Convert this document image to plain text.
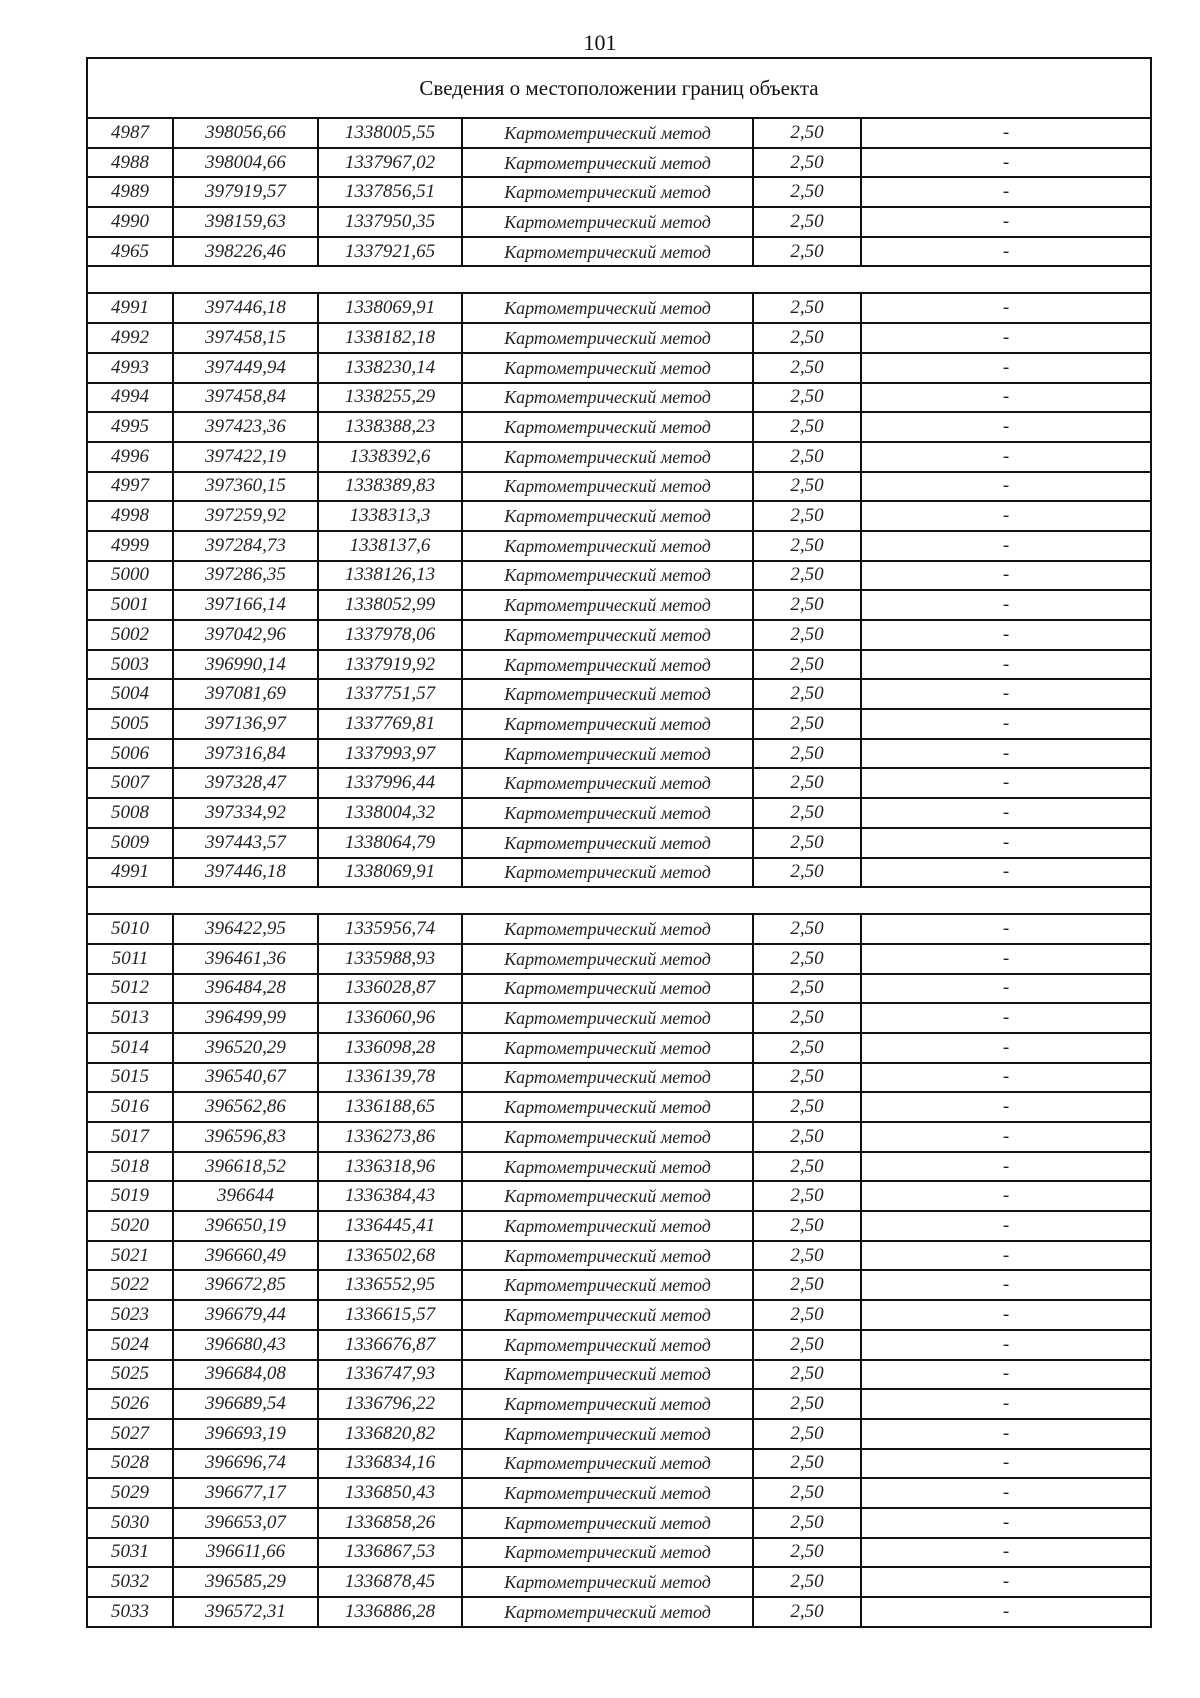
101
Сведения о местоположении границ объекта					
4987	398056,66	1338005,55	Картометрический метод	2,50	-
4988	398004,66	1337967,02	Картометрический метод	2,50	-
4989	397919,57	1337856,51	Картометрический метод	2,50	-
4990	398159,63	1337950,35	Картометрический метод	2,50	-
4965	398226,46	1337921,65	Картометрический метод	2,50	-

4991	397446,18	1338069,91	Картометрический метод	2,50	-
4992	397458,15	1338182,18	Картометрический метод	2,50	-
4993	397449,94	1338230,14	Картометрический метод	2,50	-
4994	397458,84	1338255,29	Картометрический метод	2,50	-
4995	397423,36	1338388,23	Картометрический метод	2,50	-
4996	397422,19	1338392,6	Картометрический метод	2,50	-
4997	397360,15	1338389,83	Картометрический метод	2,50	-
4998	397259,92	1338313,3	Картометрический метод	2,50	-
4999	397284,73	1338137,6	Картометрический метод	2,50	-
5000	397286,35	1338126,13	Картометрический метод	2,50	-
5001	397166,14	1338052,99	Картометрический метод	2,50	-
5002	397042,96	1337978,06	Картометрический метод	2,50	-
5003	396990,14	1337919,92	Картометрический метод	2,50	-
5004	397081,69	1337751,57	Картометрический метод	2,50	-
5005	397136,97	1337769,81	Картометрический метод	2,50	-
5006	397316,84	1337993,97	Картометрический метод	2,50	-
5007	397328,47	1337996,44	Картометрический метод	2,50	-
5008	397334,92	1338004,32	Картометрический метод	2,50	-
5009	397443,57	1338064,79	Картометрический метод	2,50	-
4991	397446,18	1338069,91	Картометрический метод	2,50	-

5010	396422,95	1335956,74	Картометрический метод	2,50	-
5011	396461,36	1335988,93	Картометрический метод	2,50	-
5012	396484,28	1336028,87	Картометрический метод	2,50	-
5013	396499,99	1336060,96	Картометрический метод	2,50	-
5014	396520,29	1336098,28	Картометрический метод	2,50	-
5015	396540,67	1336139,78	Картометрический метод	2,50	-
5016	396562,86	1336188,65	Картометрический метод	2,50	-
5017	396596,83	1336273,86	Картометрический метод	2,50	-
5018	396618,52	1336318,96	Картометрический метод	2,50	-
5019	396644	1336384,43	Картометрический метод	2,50	-
5020	396650,19	1336445,41	Картометрический метод	2,50	-
5021	396660,49	1336502,68	Картометрический метод	2,50	-
5022	396672,85	1336552,95	Картометрический метод	2,50	-
5023	396679,44	1336615,57	Картометрический метод	2,50	-
5024	396680,43	1336676,87	Картометрический метод	2,50	-
5025	396684,08	1336747,93	Картометрический метод	2,50	-
5026	396689,54	1336796,22	Картометрический метод	2,50	-
5027	396693,19	1336820,82	Картометрический метод	2,50	-
5028	396696,74	1336834,16	Картометрический метод	2,50	-
5029	396677,17	1336850,43	Картометрический метод	2,50	-
5030	396653,07	1336858,26	Картометрический метод	2,50	-
5031	396611,66	1336867,53	Картометрический метод	2,50	-
5032	396585,29	1336878,45	Картометрический метод	2,50	-
5033	396572,31	1336886,28	Картометрический метод	2,50	-
